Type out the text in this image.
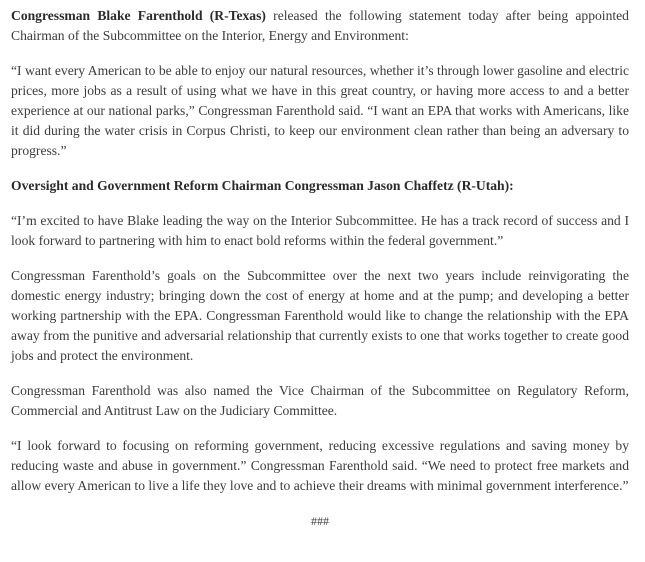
Congressman Blake Farenthold (R-Texas) released the following statement today after being appointed Chairman of the Subcommittee on the Interior, Energy and Environment:

“I want every American to be able to enjoy our natural resources, whether it’s through lower gasoline and electric prices, more jobs as a result of using what we have in this great country, or having more access to and a better experience at our national parks,” Congressman Farenthold said. “I want an EPA that works with Americans, like it did during the water crisis in Corpus Christi, to keep our environment clean rather than being an adversary to progress.”

Oversight and Government Reform Chairman Congressman Jason Chaffetz (R-Utah):

“I’m excited to have Blake leading the way on the Interior Subcommittee. He has a track record of success and I look forward to partnering with him to enact bold reforms within the federal government.”

Congressman Farenthold’s goals on the Subcommittee over the next two years include reinvigorating the domestic energy industry; bringing down the cost of energy at home and at the pump; and developing a better working partnership with the EPA. Congressman Farenthold would like to change the relationship with the EPA away from the punitive and adversarial relationship that currently exists to one that works together to create good jobs and protect the environment.

Congressman Farenthold was also named the Vice Chairman of the Subcommittee on Regulatory Reform, Commercial and Antitrust Law on the Judiciary Committee.

“I look forward to focusing on reforming government, reducing excessive regulations and saving money by reducing waste and abuse in government.” Congressman Farenthold said. “We need to protect free markets and allow every American to live a life they love and to achieve their dreams with minimal government interference.”

###
